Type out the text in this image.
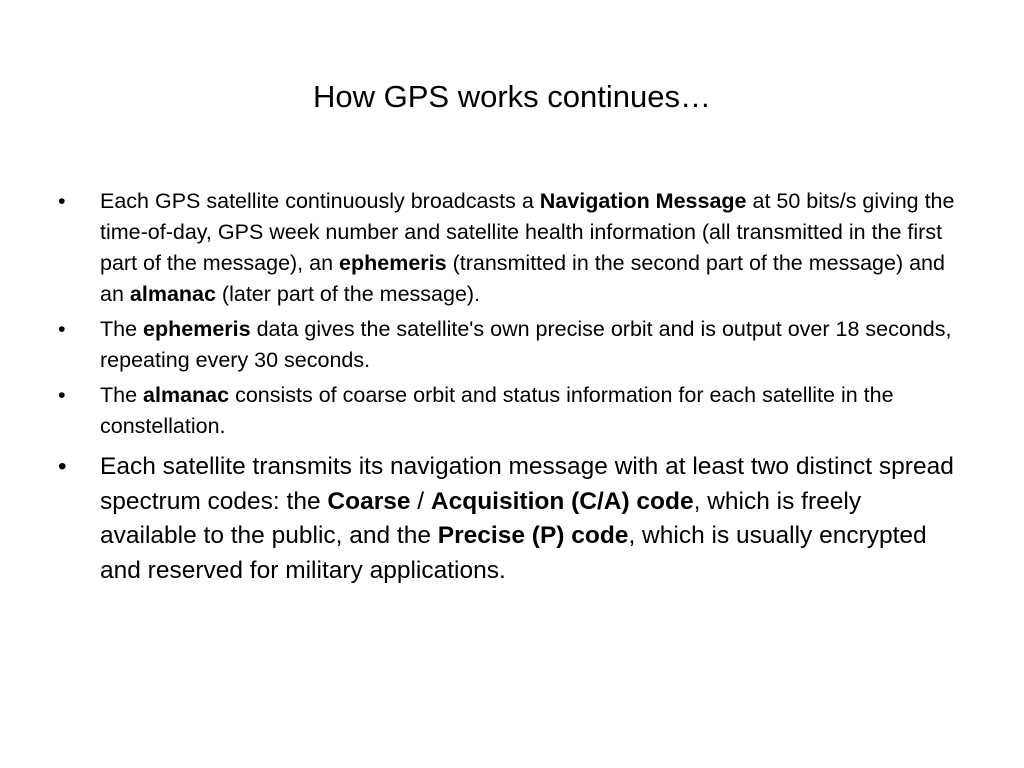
How GPS works continues…
• Each GPS satellite continuously broadcasts a Navigation Message at 50 bits/s giving the time-of-day, GPS week number and satellite health information (all transmitted in the first part of the message), an ephemeris (transmitted in the second part of the message) and an almanac (later part of the message).
• The ephemeris data gives the satellite's own precise orbit and is output over 18 seconds, repeating every 30 seconds.
• The almanac consists of coarse orbit and status information for each satellite in the constellation.
• Each satellite transmits its navigation message with at least two distinct spread spectrum codes: the Coarse / Acquisition (C/A) code, which is freely available to the public, and the Precise (P) code, which is usually encrypted and reserved for military applications.
